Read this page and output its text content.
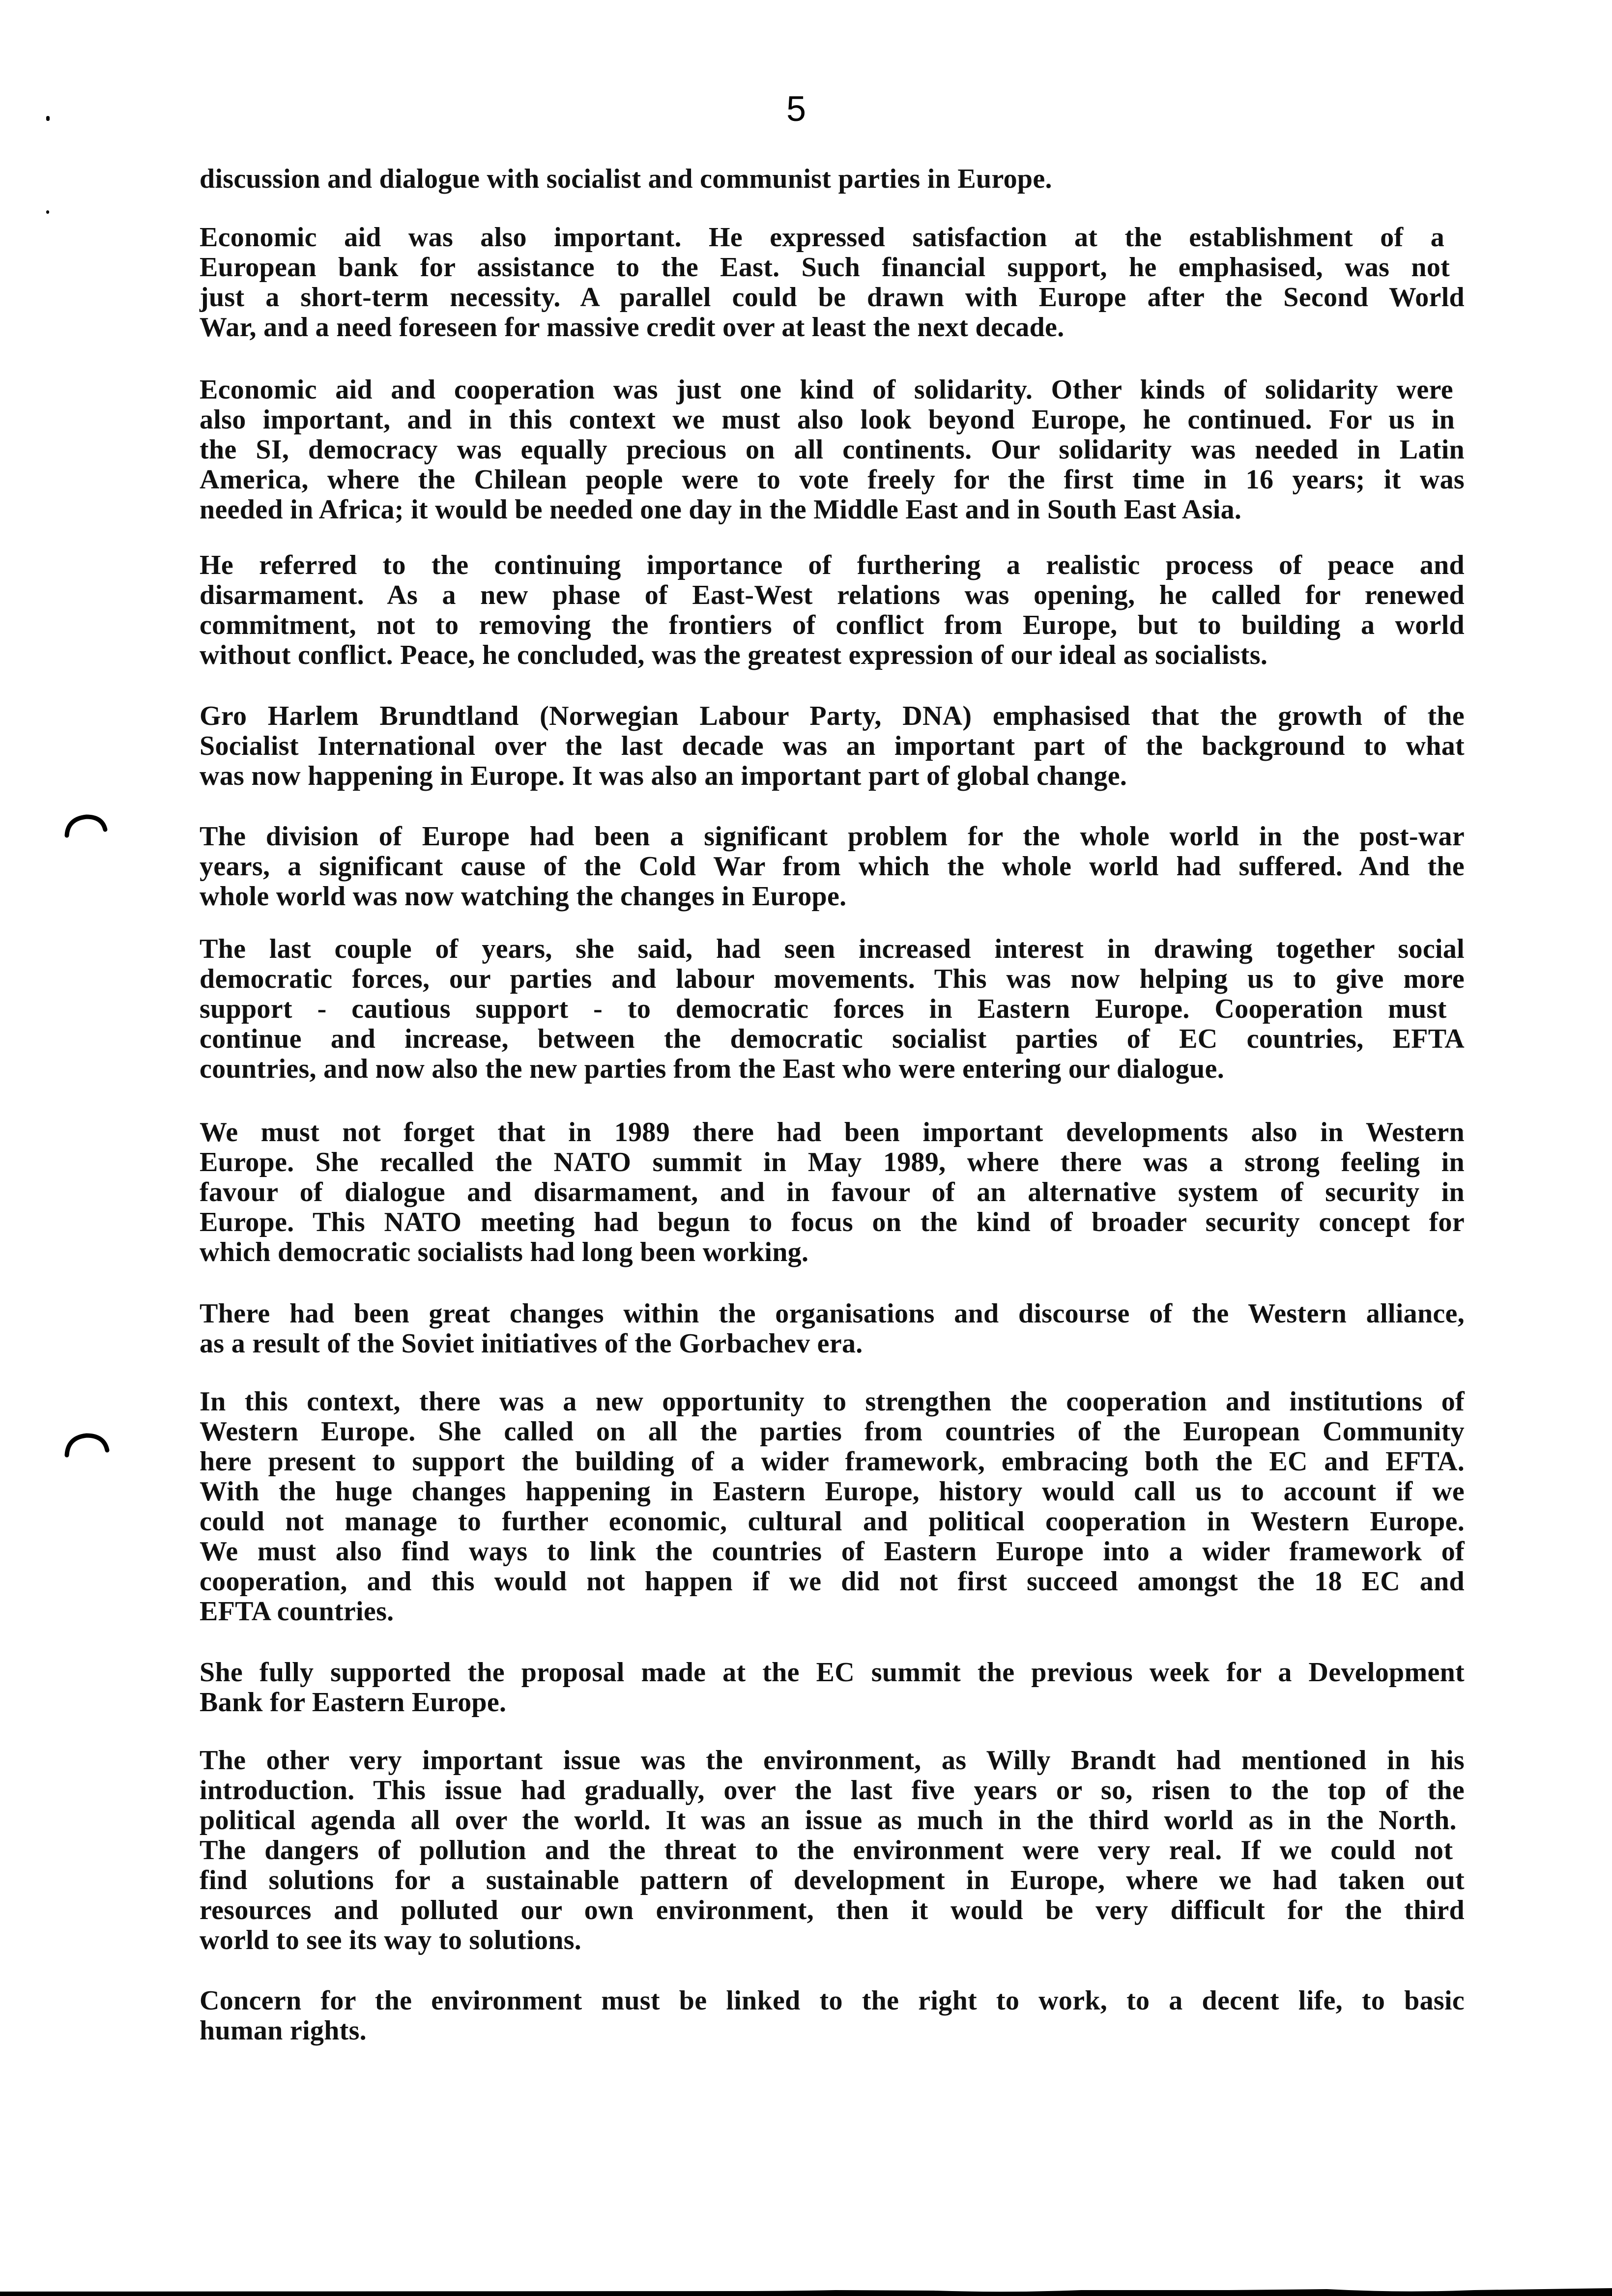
5
discussion and dialogue with socialist and communist parties in Europe.
Economic aid was also important. He expressed satisfaction at the establishment of a
European bank for assistance to the East. Such financial support, he emphasised, was not
just a short-term necessity. A parallel could be drawn with Europe after the Second World
War, and a need foreseen for massive credit over at least the next decade.
Economic aid and cooperation was just one kind of solidarity. Other kinds of solidarity were
also important, and in this context we must also look beyond Europe, he continued. For us in
the SI, democracy was equally precious on all continents. Our solidarity was needed in Latin
America, where the Chilean people were to vote freely for the first time in 16 years; it was
needed in Africa; it would be needed one day in the Middle East and in South East Asia.
He referred to the continuing importance of furthering a realistic process of peace and
disarmament. As a new phase of East-West relations was opening, he called for renewed
commitment, not to removing the frontiers of conflict from Europe, but to building a world
without conflict. Peace, he concluded, was the greatest expression of our ideal as socialists.
Gro Harlem Brundtland (Norwegian Labour Party, DNA) emphasised that the growth of the
Socialist International over the last decade was an important part of the background to what
was now happening in Europe. It was also an important part of global change.
The division of Europe had been a significant problem for the whole world in the post-war
years, a significant cause of the Cold War from which the whole world had suffered. And the
whole world was now watching the changes in Europe.
The last couple of years, she said, had seen increased interest in drawing together social
democratic forces, our parties and labour movements. This was now helping us to give more
support - cautious support - to democratic forces in Eastern Europe. Cooperation must
continue and increase, between the democratic socialist parties of EC countries, EFTA
countries, and now also the new parties from the East who were entering our dialogue.
We must not forget that in 1989 there had been important developments also in Western
Europe. She recalled the NATO summit in May 1989, where there was a strong feeling in
favour of dialogue and disarmament, and in favour of an alternative system of security in
Europe. This NATO meeting had begun to focus on the kind of broader security concept for
which democratic socialists had long been working.
There had been great changes within the organisations and discourse of the Western alliance,
as a result of the Soviet initiatives of the Gorbachev era.
In this context, there was a new opportunity to strengthen the cooperation and institutions of
Western Europe. She called on all the parties from countries of the European Community
here present to support the building of a wider framework, embracing both the EC and EFTA.
With the huge changes happening in Eastern Europe, history would call us to account if we
could not manage to further economic, cultural and political cooperation in Western Europe.
We must also find ways to link the countries of Eastern Europe into a wider framework of
cooperation, and this would not happen if we did not first succeed amongst the 18 EC and
EFTA countries.
She fully supported the proposal made at the EC summit the previous week for a Development
Bank for Eastern Europe.
The other very important issue was the environment, as Willy Brandt had mentioned in his
introduction. This issue had gradually, over the last five years or so, risen to the top of the
political agenda all over the world. It was an issue as much in the third world as in the North.
The dangers of pollution and the threat to the environment were very real. If we could not
find solutions for a sustainable pattern of development in Europe, where we had taken out
resources and polluted our own environment, then it would be very difficult for the third
world to see its way to solutions.
Concern for the environment must be linked to the right to work, to a decent life, to basic
human rights.
